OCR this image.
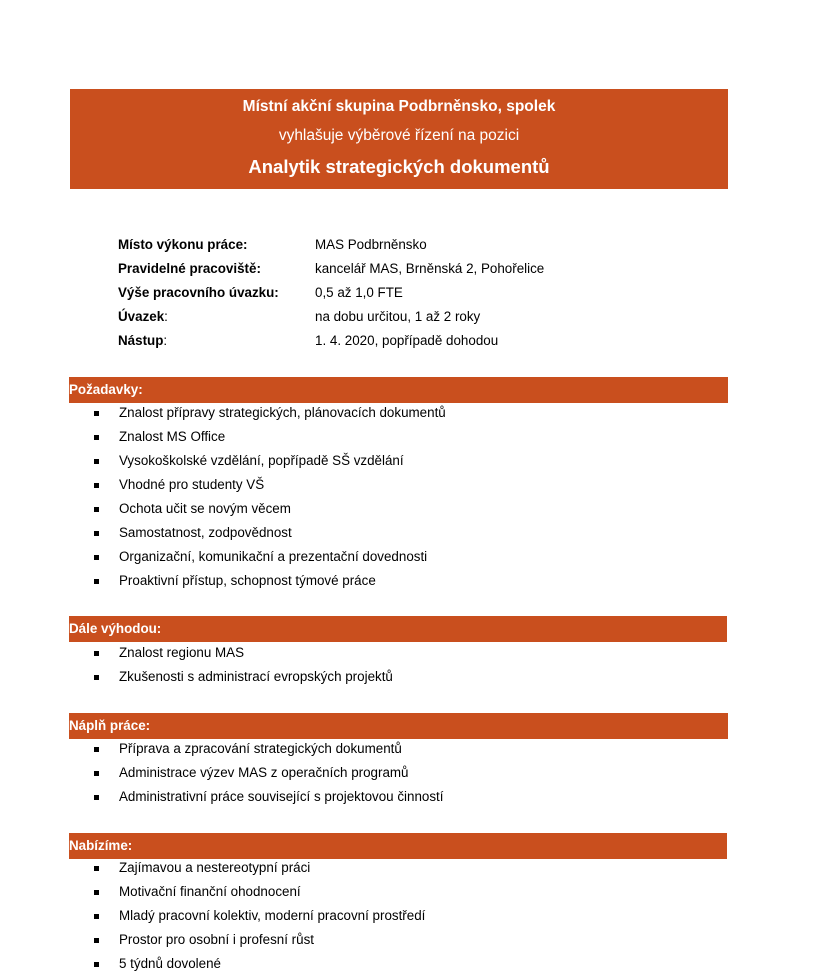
Místní akční skupina Podbrněnsko, spolek
vyhlašuje výběrové řízení na pozici
Analytik strategických dokumentů
Místo výkonu práce:	MAS Podbrněnsko
Pravidelné pracoviště:	kancelář MAS, Brněnská 2, Pohořelice
Výše pracovního úvazku:	0,5 až 1,0 FTE
Úvazek:	na dobu určitou, 1 až 2 roky
Nástup:	1. 4. 2020, popřípadě dohodou
Požadavky:
Znalost přípravy strategických, plánovacích dokumentů
Znalost MS Office
Vysokoškolské vzdělání, popřípadě SŠ vzdělání
Vhodné pro studenty VŠ
Ochota učit se novým věcem
Samostatnost, zodpovědnost
Organizační, komunikační a prezentační dovednosti
Proaktivní přístup, schopnost týmové práce
Dále výhodou:
Znalost regionu MAS
Zkušenosti s administrací evropských projektů
Náplň práce:
Příprava a zpracování strategických dokumentů
Administrace výzev MAS z operačních programů
Administrativní práce související s projektovou činností
Nabízíme:
Zajímavou a nestereotypní práci
Motivační finanční ohodnocení
Mladý pracovní kolektiv, moderní pracovní prostředí
Prostor pro osobní i profesní růst
5 týdnů dovolené
